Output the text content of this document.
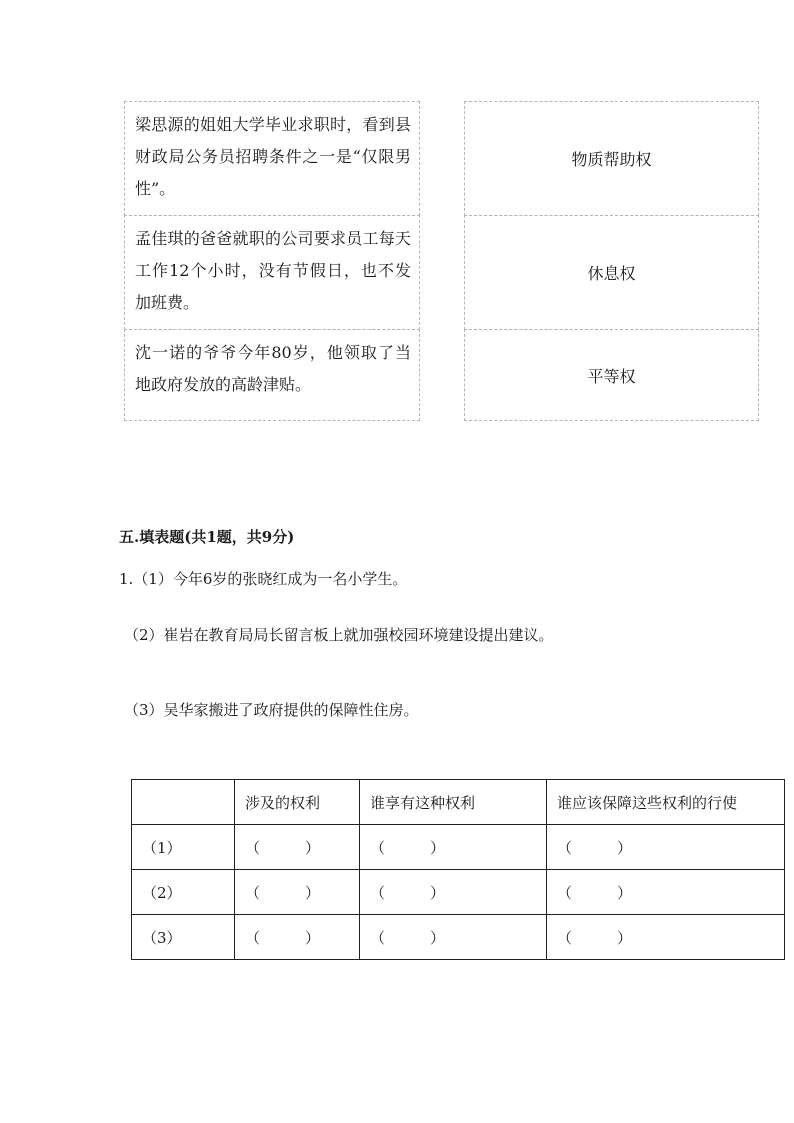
梁思源的姐姐大学毕业求职时，看到县财政局公务员招聘条件之一是“仅限男性”。
孟佳琪的爸爸就职的公司要求员工每天工作12个小时，没有节假日，也不发加班费。
沈一诺的爷爷今年80岁，他领取了当地政府发放的高龄津贴。
物质帮助权
休息权
平等权
五.填表题(共1题，共9分)
1.（1）今年6岁的张晓红成为一名小学生。
（2）崔岩在教育局局长留言板上就加强校园环境建设提出建议。
（3）吴华家搬进了政府提供的保障性住房。
	涉及的权利	谁享有这种权利	谁应该保障这些权利的行使
（1）	（　　　）	（　　　）	（　　　）
（2）	（　　　）	（　　　）	（　　　）
（3）	（　　　）	（　　　）	（　　　）
